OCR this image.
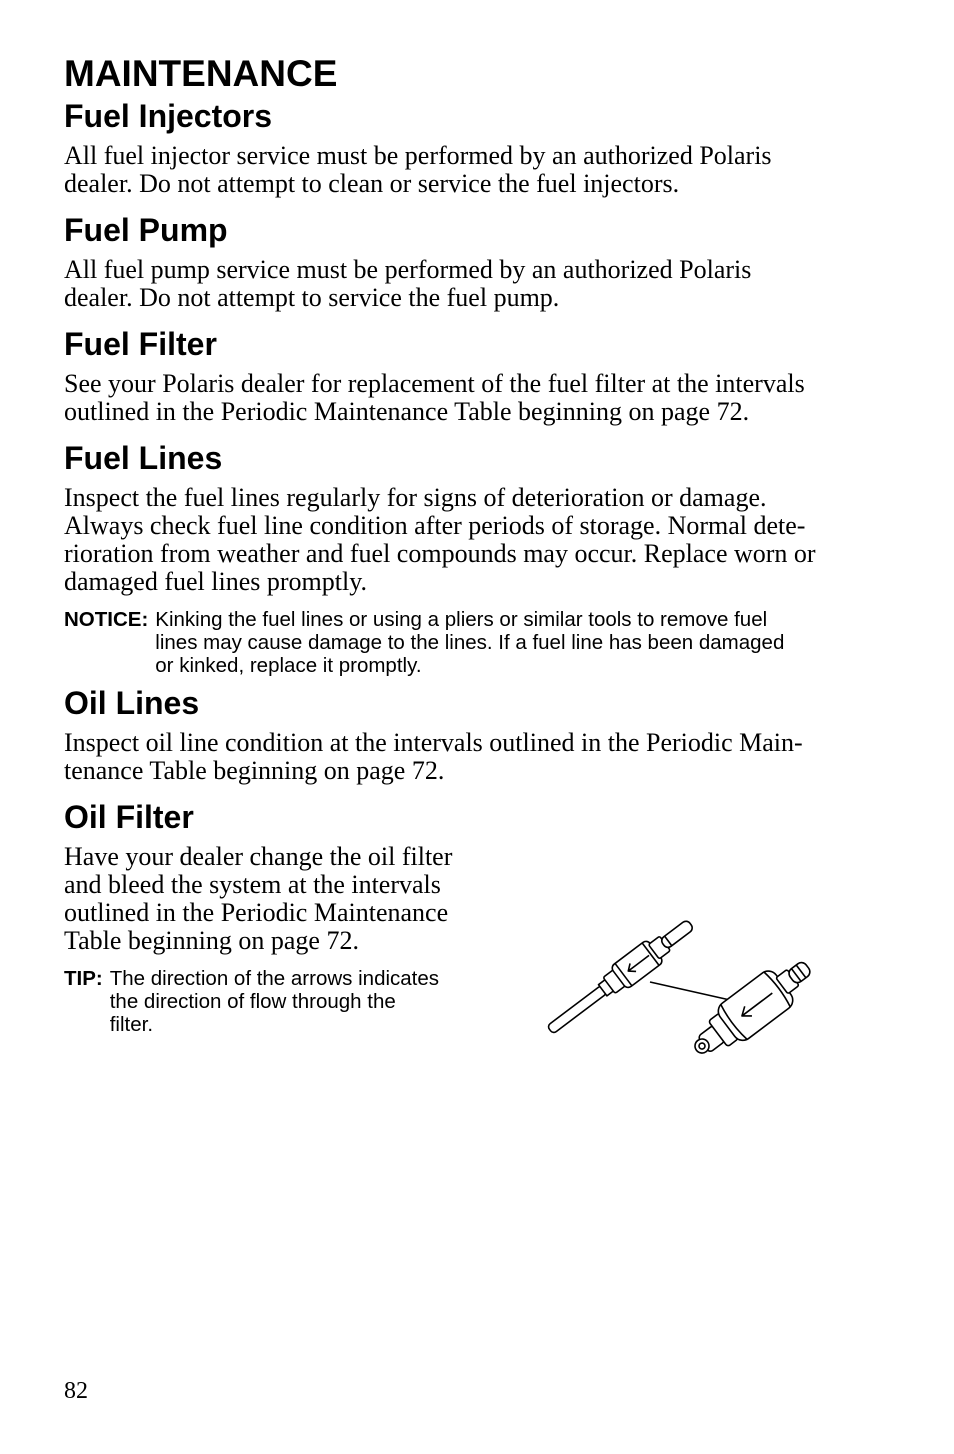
MAINTENANCE
Fuel Injectors

All fuel injector service must be performed by an authorized Polaris
dealer. Do not attempt to clean or service the fuel injectors.

Fuel Pump

All fuel pump service must be performed by an authorized Polaris
dealer. Do not attempt to service the fuel pump.

Fuel Filter

See your Polaris dealer for replacement of the fuel filter at the intervals
outlined in the Periodic Maintenance Table beginning on page 72.

Fuel Lines

Inspect the fuel lines regularly for signs of deterioration or damage.
Always check fuel line condition after periods of storage. Normal dete-
rioration from weather and fuel compounds may occur. Replace worn or
damaged fuel lines promptly.

NOTICE: Kinking the fuel lines or using a pliers or similar tools to remove fuel
lines may cause damage to the lines. If a fuel line has been damaged
or kinked, replace it promptly.
Oil Lines

Inspect oil line condition at the intervals outlined in the Periodic Main-
tenance Table beginning on page 72.

Oil Filter

Have your dealer change the oil filter
and bleed the system at the intervals
outlined in the Periodic Maintenance
Table beginning on page 72.

TIP: The direction of the arrows indicates
the direction of flow through the
filter.
82
